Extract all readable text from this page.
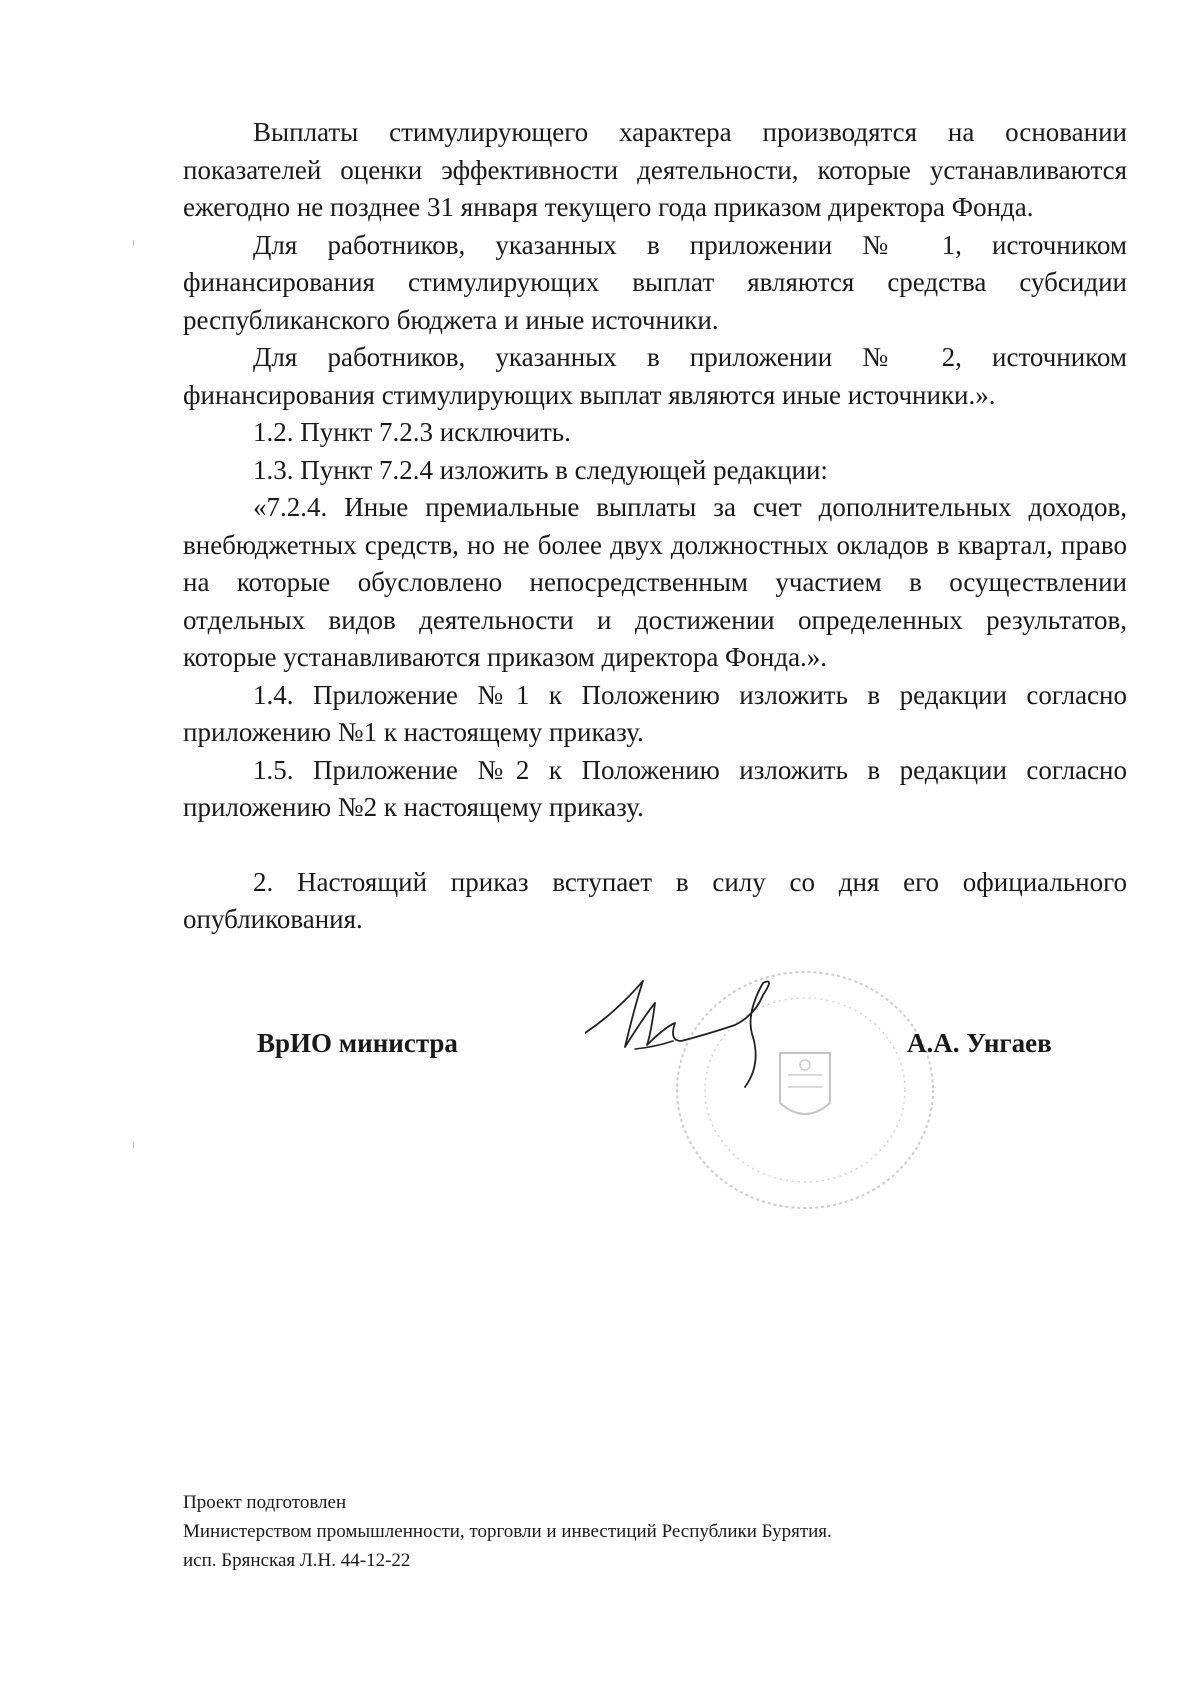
Выплаты стимулирующего характера производятся на основании показателей оценки эффективности деятельности, которые устанавливаются ежегодно не позднее 31 января текущего года приказом директора Фонда.

Для работников, указанных в приложении № 1, источником финансирования стимулирующих выплат являются средства субсидии республиканского бюджета и иные источники.

Для работников, указанных в приложении № 2, источником финансирования стимулирующих выплат являются иные источники.».

1.2. Пункт 7.2.3 исключить.

1.3. Пункт 7.2.4 изложить в следующей редакции:

«7.2.4. Иные премиальные выплаты за счет дополнительных доходов, внебюджетных средств, но не более двух должностных окладов в квартал, право на которые обусловлено непосредственным участием в осуществлении отдельных видов деятельности и достижении определенных результатов, которые устанавливаются приказом директора Фонда.».

1.4. Приложение №1 к Положению изложить в редакции согласно приложению №1 к настоящему приказу.

1.5. Приложение №2 к Положению изложить в редакции согласно приложению №2 к настоящему приказу.

2. Настоящий приказ вступает в силу со дня его официального опубликования.

ВрИО министра	А.А. Унгаев
Проект подготовлен
Министерством промышленности, торговли и инвестиций Республики Бурятия.
исп. Брянская Л.Н. 44-12-22
